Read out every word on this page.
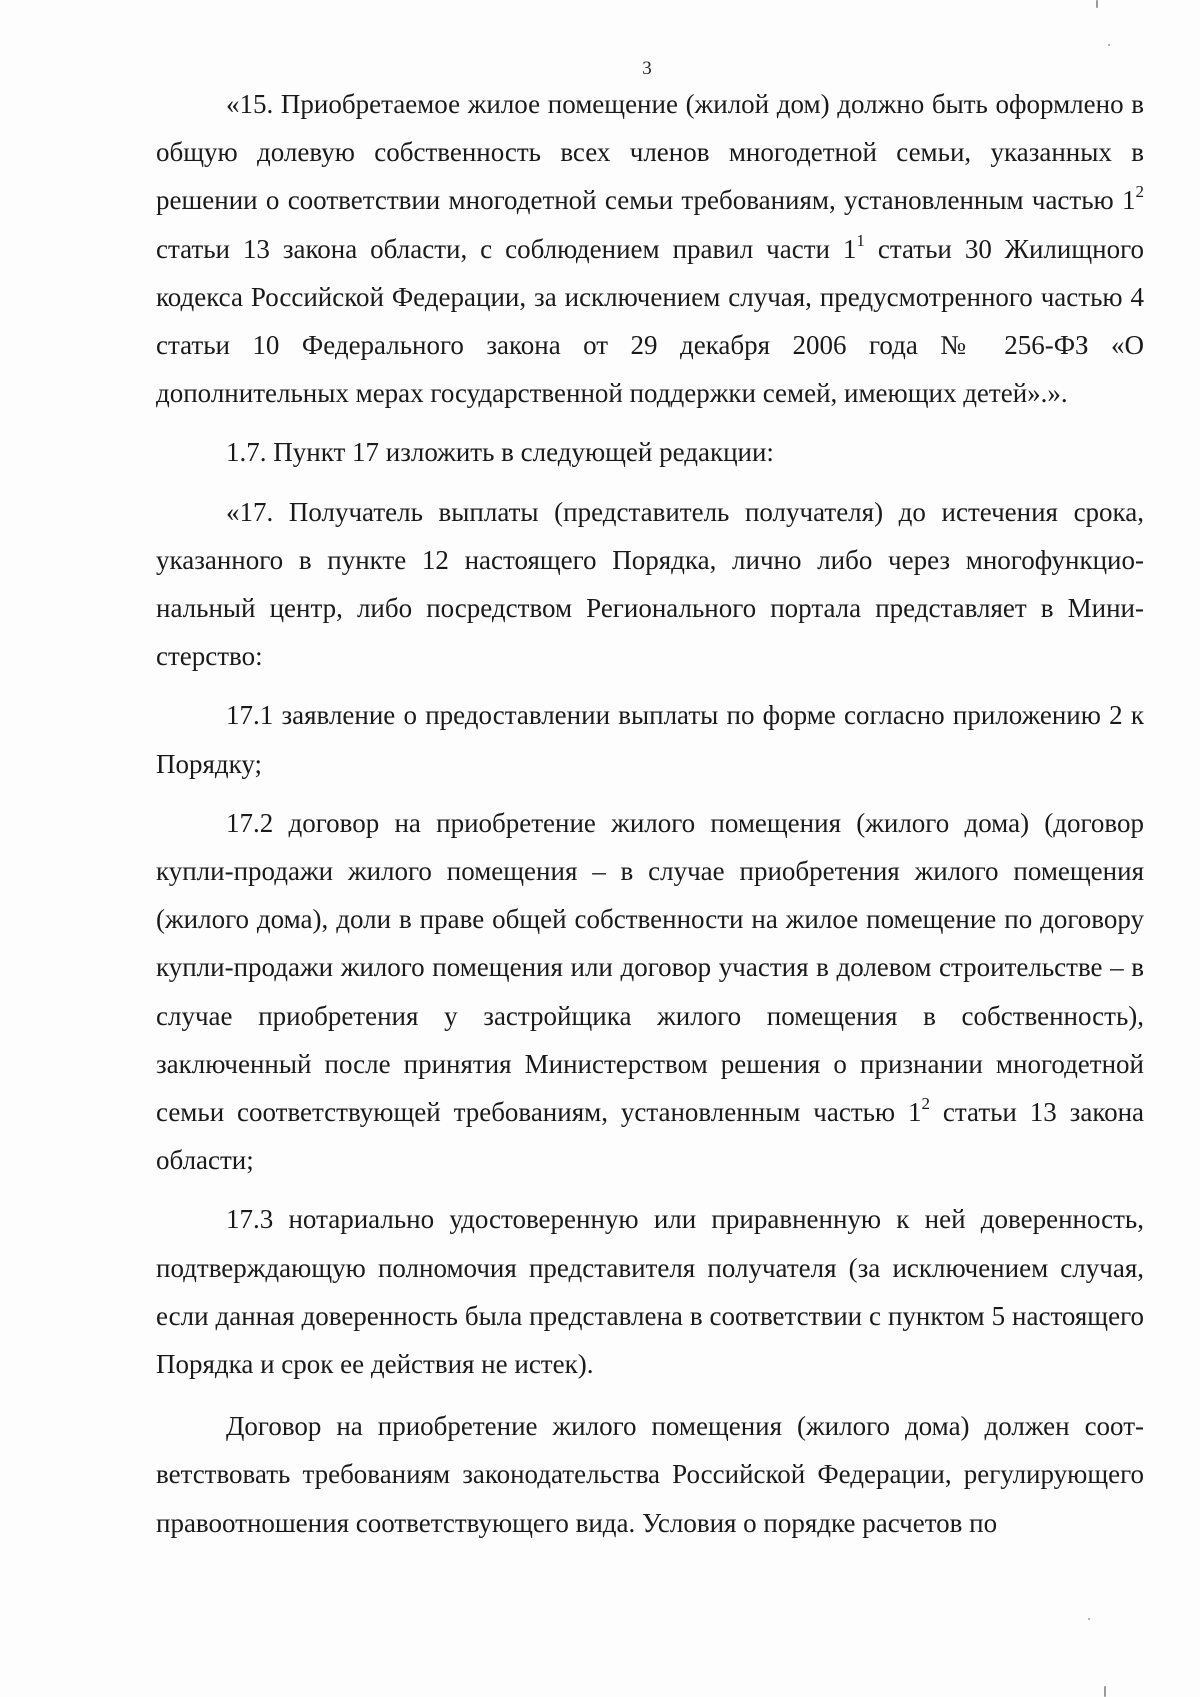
3

«15. Приобретаемое жилое помещение (жилой дом) должно быть оформлено в общую долевую собственность всех членов многодетной семьи, указанных в решении о соответствии многодетной семьи требованиям, установленным частью $1^2$ статьи 13 закона области, с соблюдением правил части $1^1$ статьи 30 Жилищного кодекса Российской Федерации, за исключением случая, предусмотренного частью 4 статьи 10 Федерального закона от 29 декабря 2006 года № 256-ФЗ «О дополнительных мерах государственной поддержки семей, имеющих детей».».

1.7. Пункт 17 изложить в следующей редакции:

«17. Получатель выплаты (представитель получателя) до истечения срока, указанного в пункте 12 настоящего Порядка, лично либо через многофункциональный центр, либо посредством Регионального портала представляет в Министерство:

17.1 заявление о предоставлении выплаты по форме согласно приложению 2 к Порядку;

17.2 договор на приобретение жилого помещения (жилого дома) (договор купли-продажи жилого помещения – в случае приобретения жилого помещения (жилого дома), доли в праве общей собственности на жилое помещение по договору купли-продажи жилого помещения или договор участия в долевом строительстве – в случае приобретения у застройщика жилого помещения в собственность), заключенный после принятия Министерством решения о признании многодетной семьи соответствующей требованиям, установленным частью $1^2$ статьи 13 закона области;

17.3 нотариально удостоверенную или приравненную к ней доверенность, подтверждающую полномочия представителя получателя (за исключением случая, если данная доверенность была представлена в соответствии с пунктом 5 настоящего Порядка и срок ее действия не истек).

Договор на приобретение жилого помещения (жилого дома) должен соответствовать требованиям законодательства Российской Федерации, регулирующего правоотношения соответствующего вида. Условия о порядке расчетов по
